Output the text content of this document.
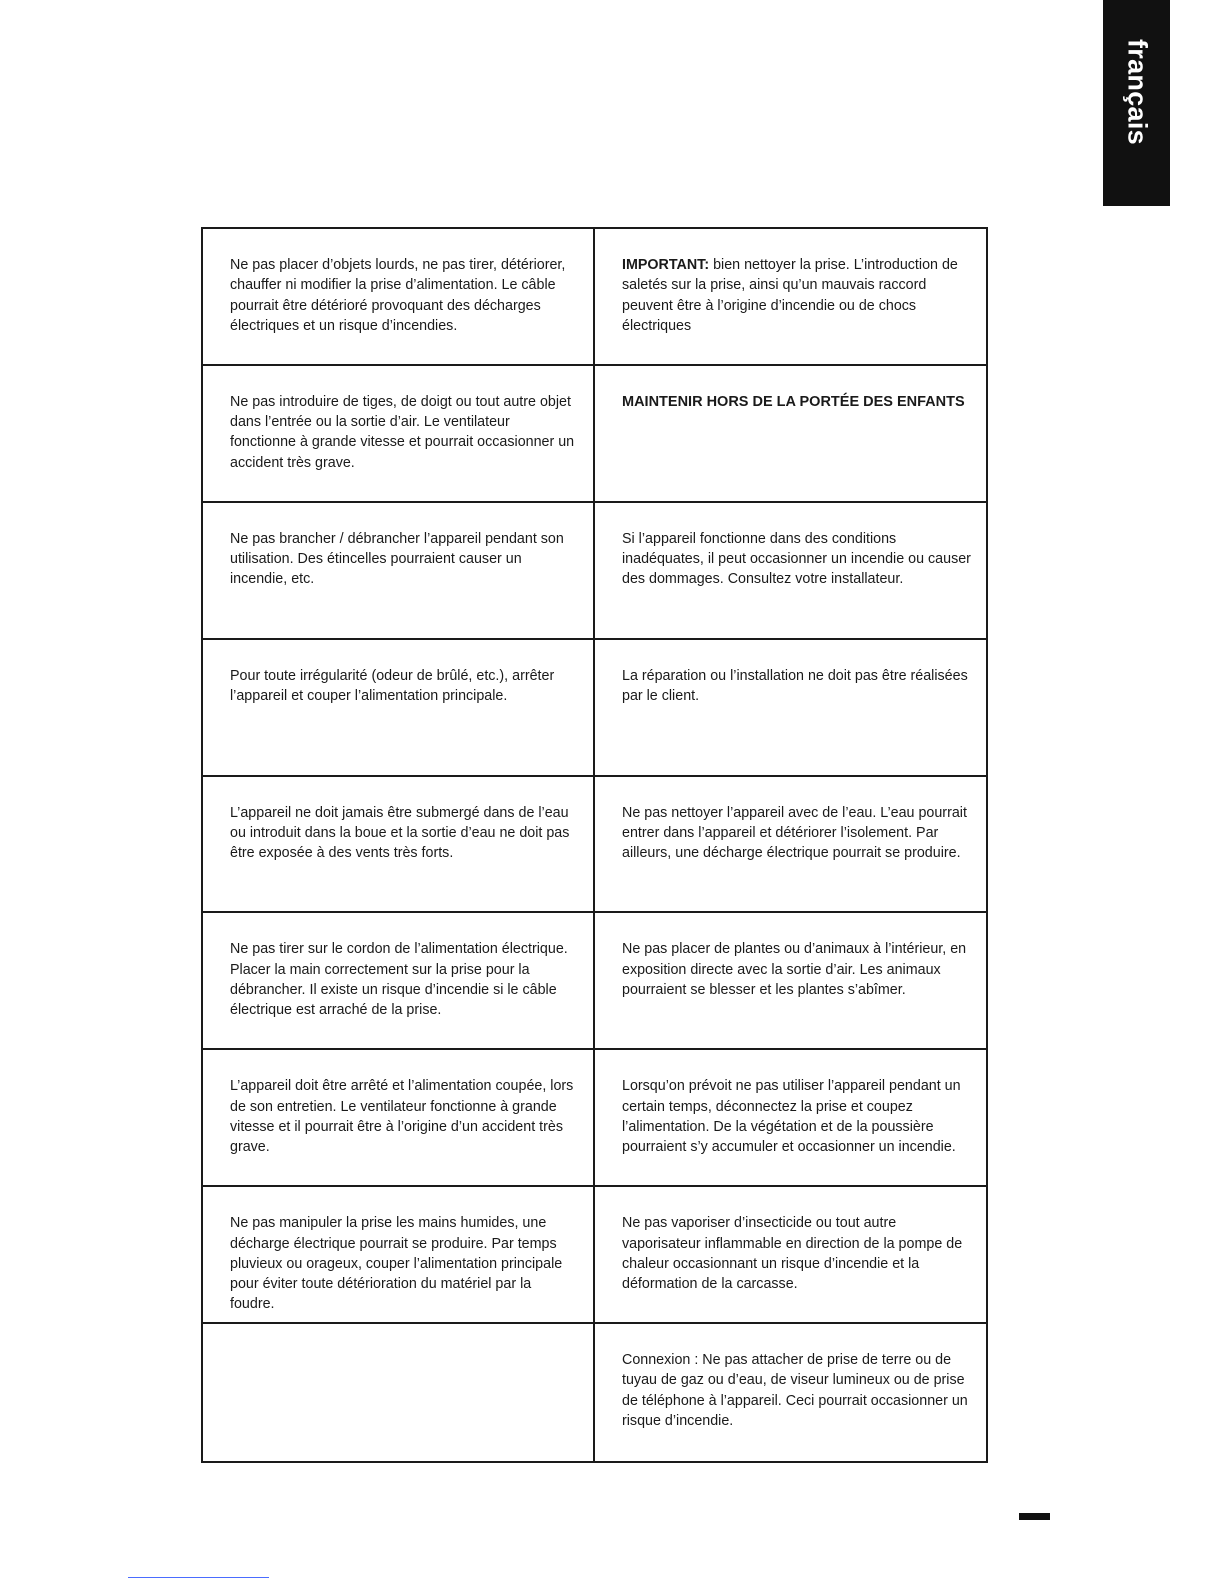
français
Ne pas placer d’objets lourds, ne pas tirer, détériorer, chauffer ni modifier la prise d’alimentation. Le câble pourrait être détérioré provoquant des décharges électriques et un risque d’incendies.
IMPORTANT: bien nettoyer la prise. L’introduction de saletés sur la prise, ainsi qu’un mauvais raccord peuvent être à l’origine d’incendie ou de chocs électriques
Ne pas introduire de tiges, de doigt ou tout autre objet dans l’entrée ou la sortie d’air. Le ventilateur fonctionne à grande vitesse et pourrait occasionner un accident très grave.
MAINTENIR HORS DE LA PORTÉE DES ENFANTS
Ne pas brancher / débrancher l’appareil pendant son utilisation. Des étincelles pourraient causer un incendie, etc.
Si l’appareil fonctionne dans des conditions inadéquates, il peut occasionner un incendie ou causer des dommages. Consultez votre installateur.
Pour toute irrégularité (odeur de brûlé, etc.), arrêter l’appareil et couper l’alimentation principale.
La réparation ou l’installation ne doit pas être réalisées par le client.
L’appareil ne doit jamais être submergé dans de l’eau ou introduit dans la boue et la sortie d’eau ne doit pas être exposée à des vents très forts.
Ne pas nettoyer l’appareil avec de l’eau. L’eau pourrait entrer dans l’appareil et détériorer l’isolement. Par ailleurs, une décharge électrique pourrait se produire.
Ne pas tirer sur le cordon de l’alimentation électrique. Placer la main correctement sur la prise pour la débrancher. Il existe un risque d’incendie si le câble électrique est arraché de la prise.
Ne pas placer de plantes ou d’animaux à l’intérieur, en exposition directe avec la sortie d’air. Les animaux pourraient se blesser et les plantes s’abîmer.
L’appareil doit être arrêté et l’alimentation coupée, lors de son entretien. Le ventilateur fonctionne à grande vitesse et il pourrait être à l’origine d’un accident très grave.
Lorsqu’on prévoit ne pas utiliser l’appareil pendant un certain temps, déconnectez la prise et coupez l’alimentation. De la végétation et de la poussière pourraient s’y accumuler et occasionner un incendie.
Ne pas manipuler la prise les mains humides, une décharge électrique pourrait se produire. Par temps pluvieux ou orageux, couper l’alimentation principale pour éviter toute détérioration du matériel par la foudre.
Ne pas vaporiser d’insecticide ou tout autre vaporisateur inflammable en direction de la pompe de chaleur occasionnant un risque d’incendie et la déformation de la carcasse.
Connexion : Ne pas attacher de prise de terre ou de tuyau de gaz ou d’eau, de viseur lumineux ou de prise de téléphone à l’appareil. Ceci pourrait occasionner un risque d’incendie.
